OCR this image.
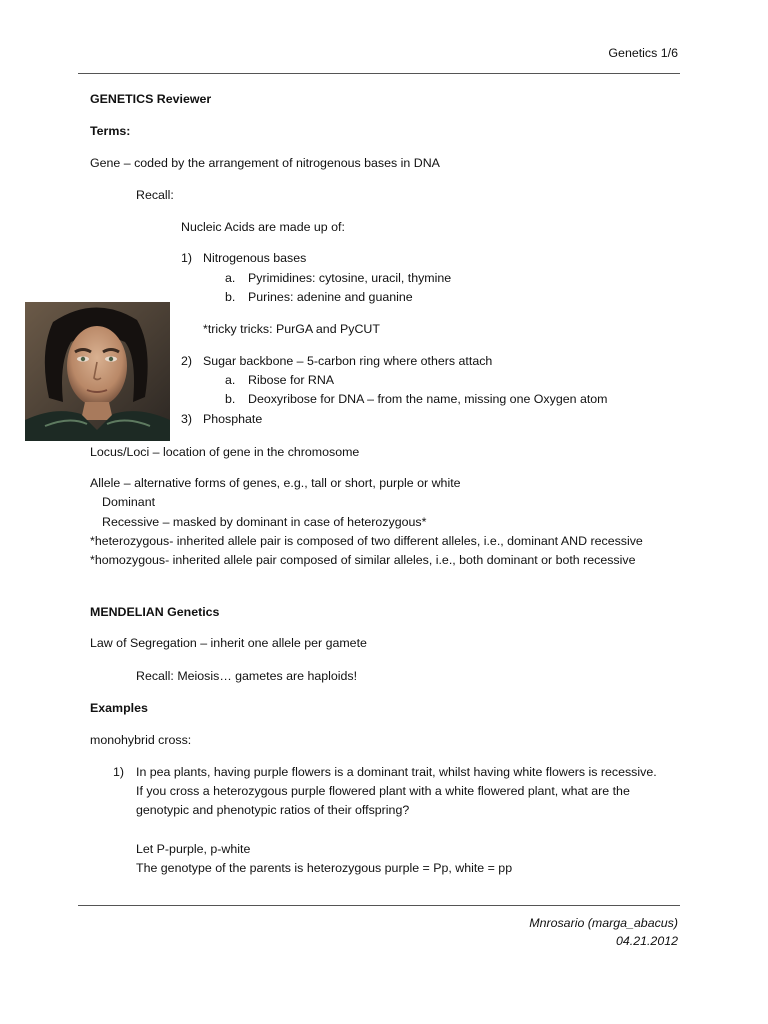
Genetics 1/6
GENETICS Reviewer
Terms:
Gene – coded by the arrangement of nitrogenous bases in DNA
Recall:
Nucleic Acids are made up of:
1) Nitrogenous bases
a. Pyrimidines: cytosine, uracil, thymine
b. Purines: adenine and guanine
*tricky tricks: PurGA and PyCUT
2) Sugar backbone – 5-carbon ring where others attach
a. Ribose for RNA
b. Deoxyribose for DNA – from the name, missing one Oxygen atom
3) Phosphate
Locus/Loci – location of gene in the chromosome
Allele – alternative forms of genes, e.g., tall or short, purple or white
Dominant
Recessive – masked by dominant in case of heterozygous*
*heterozygous- inherited allele pair is composed of two different alleles, i.e., dominant AND recessive
*homozygous- inherited allele pair composed of similar alleles, i.e., both dominant or both recessive
MENDELIAN Genetics
Law of Segregation – inherit one allele per gamete
Recall: Meiosis… gametes are haploids!
Examples
monohybrid cross:
1) In pea plants, having purple flowers is a dominant trait, whilst having white flowers is recessive.
If you cross a heterozygous purple flowered plant with a white flowered plant, what are the
genotypic and phenotypic ratios of their offspring?
Let P-purple, p-white
The genotype of the parents is heterozygous purple = Pp, white = pp
Mnrosario (marga_abacus)
04.21.2012
